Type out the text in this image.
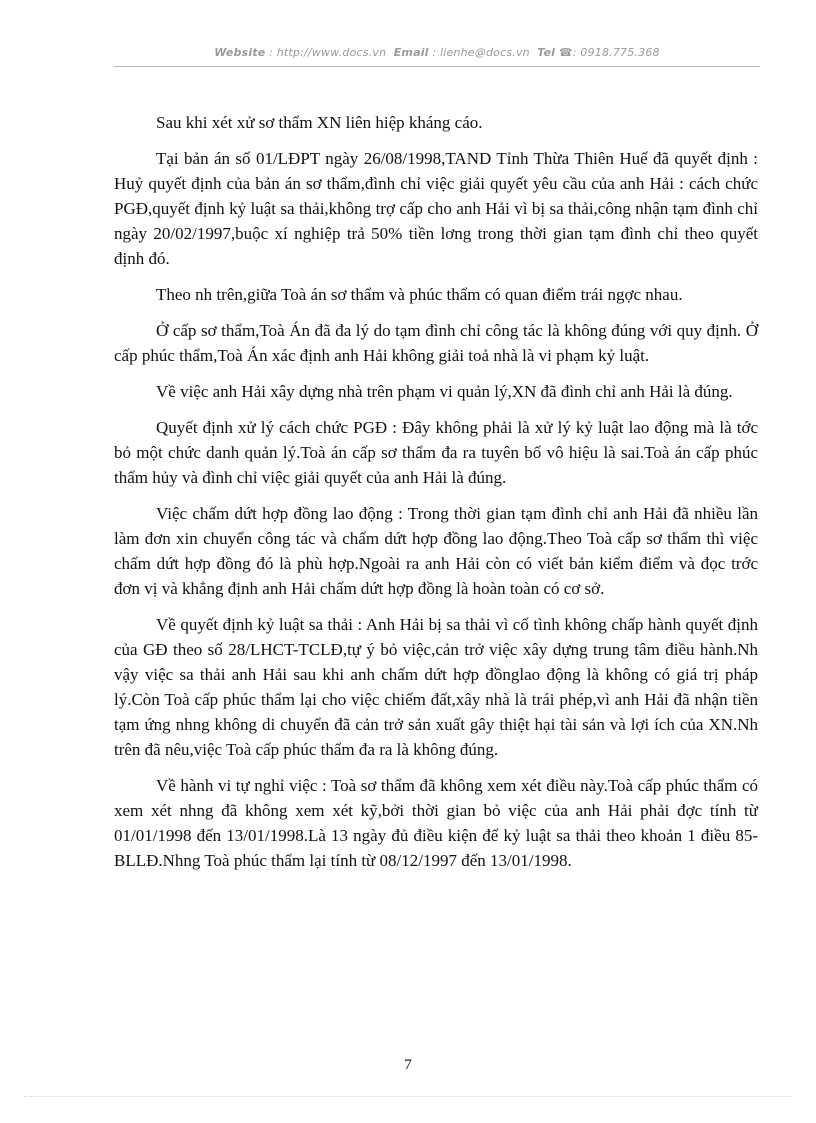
Website : http://www.docs.vn Email : lienhe@docs.vn Tel ☎: 0918.775.368

Sau khi xét xử sơ thẩm XN liên hiệp kháng cáo.

Tại bản án số 01/LĐPT ngày 26/08/1998,TAND Tỉnh Thừa Thiên Huế đã quyết định : Huỷ quyết định của bản án sơ thẩm,đình chỉ việc giải quyết yêu cầu của anh Hải : cách chức PGĐ,quyết định kỷ luật sa thải,không trợ cấp cho anh Hải vì bị sa thải,công nhận tạm đình chỉ ngày 20/02/1997,buộc xí nghiệp trả 50% tiền lơng trong thời gian tạm đình chỉ theo quyết định đó.

Theo nh trên,giữa Toà án sơ thẩm và phúc thẩm có quan điểm trái ngợc nhau.

Ở cấp sơ thẩm,Toà Án đã đa lý do tạm đình chỉ công tác là không đúng với quy định. Ở cấp phúc thẩm,Toà Án xác định anh Hải không giải toả nhà là vi phạm kỷ luật.

Về việc anh Hải xây dựng nhà trên phạm vi quản lý,XN đã đình chỉ anh Hải là đúng.

Quyết định xử lý cách chức PGĐ : Đây không phải là xử lý kỷ luật lao động mà là tớc bỏ một chức danh quản lý.Toà án cấp sơ thẩm đa ra tuyên bố vô hiệu là sai.Toà án cấp phúc thẩm hủy và đình chỉ việc giải quyết của anh Hải là đúng.

Việc chấm dứt hợp đồng lao động : Trong thời gian tạm đình chỉ anh Hải đã nhiều lần làm đơn xin chuyển công tác và chấm dứt hợp đồng lao động.Theo Toà cấp sơ thẩm thì việc chấm dứt hợp đồng đó là phù hợp.Ngoài ra anh Hải còn có viết bản kiểm điểm và đọc trớc đơn vị và khẳng định anh Hải chấm dứt hợp đồng là hoàn toàn có cơ sở.

Về quyết định kỷ luật sa thải : Anh Hải bị sa thải vì cố tình không chấp hành quyết định của GĐ theo số 28/LHCT-TCLĐ,tự ý bỏ việc,cản trở việc xây dựng trung tâm điều hành.Nh vậy việc sa thải anh Hải sau khi anh chấm dứt hợp đồnglao động là không có giá trị pháp lý.Còn Toà cấp phúc thẩm lại cho việc chiếm đất,xây nhà là trái phép,vì anh Hải đã nhận tiền tạm ứng nhng không di chuyển đã cản trở sản xuất gây thiệt hại tài sản và lợi ích của XN.Nh trên đã nêu,việc Toà cấp phúc thẩm đa ra là không đúng.

Về hành vi tự nghỉ việc : Toà sơ thẩm đã không xem xét điều này.Toà cấp phúc thẩm có xem xét nhng đã không xem xét kỹ,bởi thời gian bỏ việc của anh Hải phải đợc tính từ 01/01/1998 đến 13/01/1998.Là 13 ngày đủ điều kiện để kỷ luật sa thải theo khoản 1 điều 85-BLLĐ.Nhng Toà phúc thẩm lại tính từ 08/12/1997 đến 13/01/1998.

7
